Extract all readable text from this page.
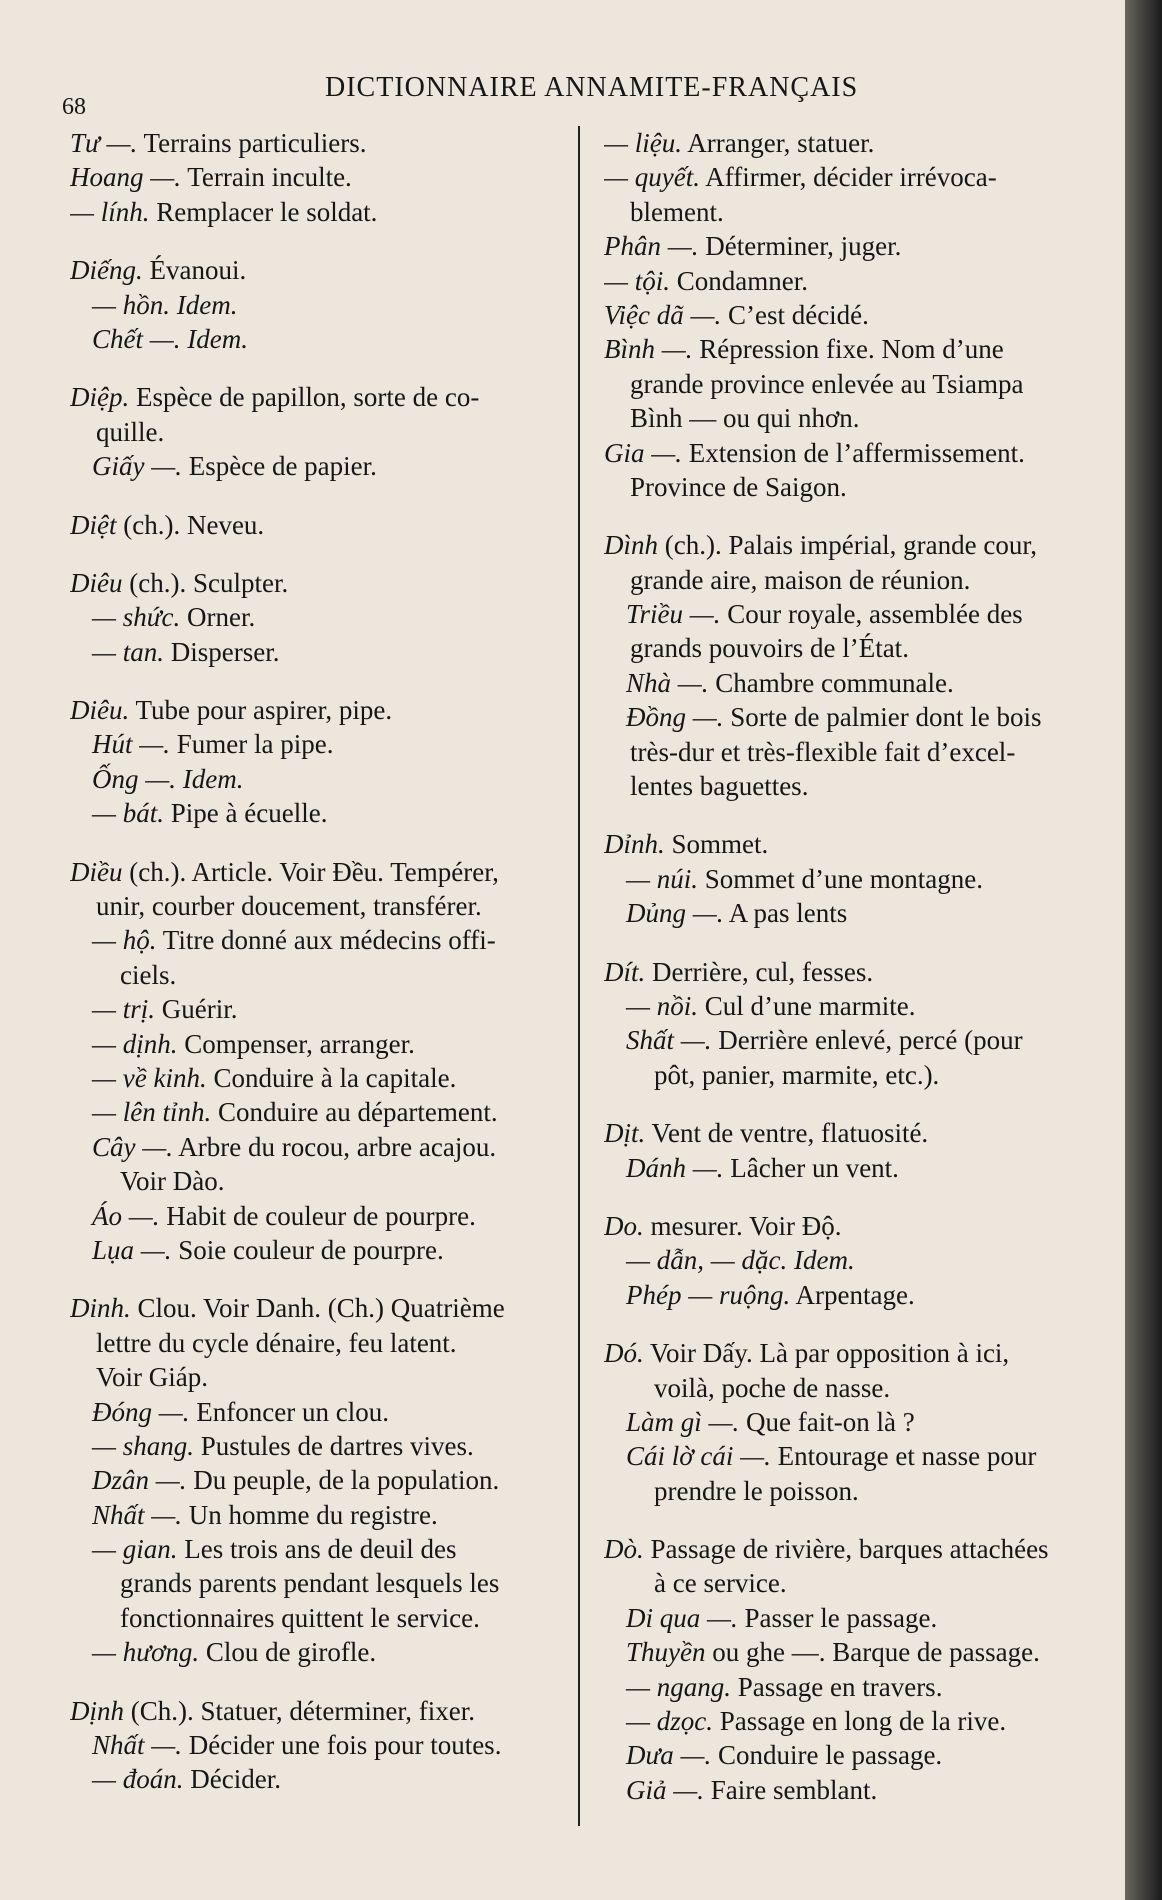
68
DICTIONNAIRE ANNAMITE-FRANÇAIS
Tư —. Terrains particuliers.
Hoang —. Terrain inculte.
— lính. Remplacer le soldat.
Diếng. Évanoui.
— hồn. Idem.
Chết —. Idem.
Diệp. Espèce de papillon, sorte de co-
quille.
Giấy —. Espèce de papier.
Diệt (ch.). Neveu.
Diêu (ch.). Sculpter.
— shức. Orner.
— tan. Disperser.
Diêu. Tube pour aspirer, pipe.
Hút —. Fumer la pipe.
Ống —. Idem.
— bát. Pipe à écuelle.
Diều (ch.). Article. Voir Đều. Tempérer,
unir, courber doucement, transférer.
— hộ. Titre donné aux médecins offi-
ciels.
— trị. Guérir.
— dịnh. Compenser, arranger.
— về kinh. Conduire à la capitale.
— lên tỉnh. Conduire au département.
Cây —. Arbre du rocou, arbre acajou.
Voir Dào.
Áo —. Habit de couleur de pourpre.
Lụa —. Soie couleur de pourpre.
Dinh. Clou. Voir Danh. (Ch.) Quatrième
lettre du cycle dénaire, feu latent.
Voir Giáp.
Đóng —. Enfoncer un clou.
— shang. Pustules de dartres vives.
Dzân —. Du peuple, de la population.
Nhất —. Un homme du registre.
— gian. Les trois ans de deuil des
grands parents pendant lesquels les
fonctionnaires quittent le service.
— hương. Clou de girofle.
Dịnh (Ch.). Statuer, déterminer, fixer.
Nhất —. Décider une fois pour toutes.
— đoán. Décider.
— liệu. Arranger, statuer.
— quyết. Affirmer, décider irrévoca-
blement.
Phân —. Déterminer, juger.
— tội. Condamner.
Việc dã —. C’est décidé.
Bình —. Répression fixe. Nom d’une
grande province enlevée au Tsiampa
Bình — ou qui nhơn.
Gia —. Extension de l’affermissement.
Province de Saigon.
Dình (ch.). Palais impérial, grande cour,
grande aire, maison de réunion.
Triều —. Cour royale, assemblée des
grands pouvoirs de l’État.
Nhà —. Chambre communale.
Đồng —. Sorte de palmier dont le bois
très-dur et très-flexible fait d’excel-
lentes baguettes.
Dỉnh. Sommet.
— núi. Sommet d’une montagne.
Dủng —. A pas lents
Dít. Derrière, cul, fesses.
— nồi. Cul d’une marmite.
Shất —. Derrière enlevé, percé (pour
pôt, panier, marmite, etc.).
Dịt. Vent de ventre, flatuosité.
Dánh —. Lâcher un vent.
Do. mesurer. Voir Độ.
— dẫn, — dặc. Idem.
Phép — ruộng. Arpentage.
Dó. Voir Dấy. Là par opposition à ici,
voilà, poche de nasse.
Làm gì —. Que fait-on là ?
Cái lờ cái —. Entourage et nasse pour
prendre le poisson.
Dò. Passage de rivière, barques attachées
à ce service.
Di qua —. Passer le passage.
Thuyền ou ghe —. Barque de passage.
— ngang. Passage en travers.
— dzọc. Passage en long de la rive.
Dưa —. Conduire le passage.
Giả —. Faire semblant.
